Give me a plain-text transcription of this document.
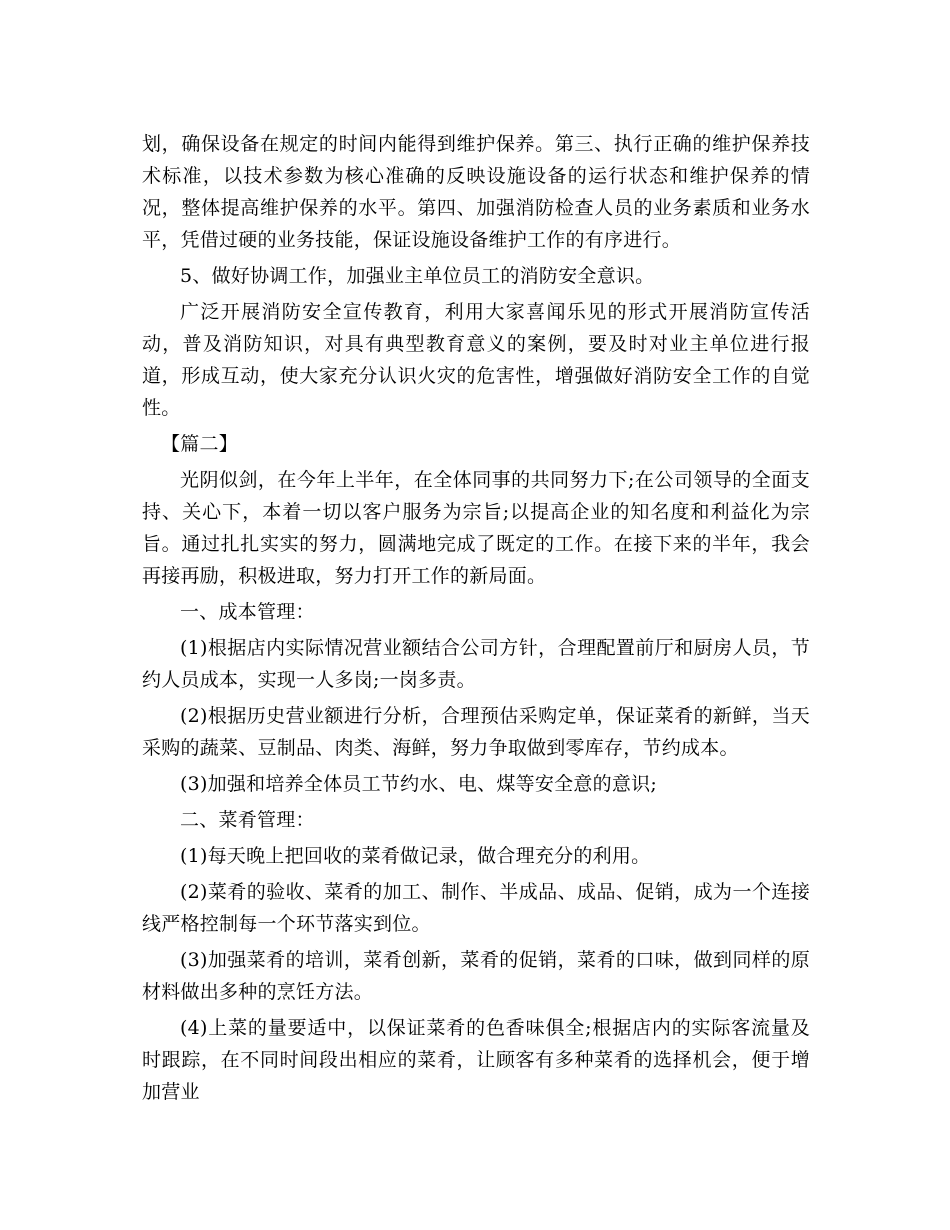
划，确保设备在规定的时间内能得到维护保养。第三、执行正确的维护保养技术标准，以技术参数为核心准确的反映设施设备的运行状态和维护保养的情况，整体提高维护保养的水平。第四、加强消防检查人员的业务素质和业务水平，凭借过硬的业务技能，保证设施设备维护工作的有序进行。

5、做好协调工作，加强业主单位员工的消防安全意识。

广泛开展消防安全宣传教育，利用大家喜闻乐见的形式开展消防宣传活动，普及消防知识，对具有典型教育意义的案例，要及时对业主单位进行报道，形成互动，使大家充分认识火灾的危害性，增强做好消防安全工作的自觉性。

【篇二】

光阴似剑，在今年上半年，在全体同事的共同努力下;在公司领导的全面支持、关心下，本着一切以客户服务为宗旨;以提高企业的知名度和利益化为宗旨。通过扎扎实实的努力，圆满地完成了既定的工作。在接下来的半年，我会再接再励，积极进取，努力打开工作的新局面。

一、成本管理：

(1)根据店内实际情况营业额结合公司方针，合理配置前厅和厨房人员，节约人员成本，实现一人多岗;一岗多责。

(2)根据历史营业额进行分析，合理预估采购定单，保证菜肴的新鲜，当天采购的蔬菜、豆制品、肉类、海鲜，努力争取做到零库存，节约成本。

(3)加强和培养全体员工节约水、电、煤等安全意的意识;

二、菜肴管理：

(1)每天晚上把回收的菜肴做记录，做合理充分的利用。

(2)菜肴的验收、菜肴的加工、制作、半成品、成品、促销，成为一个连接线严格控制每一个环节落实到位。

(3)加强菜肴的培训，菜肴创新，菜肴的促销，菜肴的口味，做到同样的原材料做出多种的烹饪方法。

(4)上菜的量要适中，以保证菜肴的色香味俱全;根据店内的实际客流量及时跟踪，在不同时间段出相应的菜肴，让顾客有多种菜肴的选择机会，便于增加营业
